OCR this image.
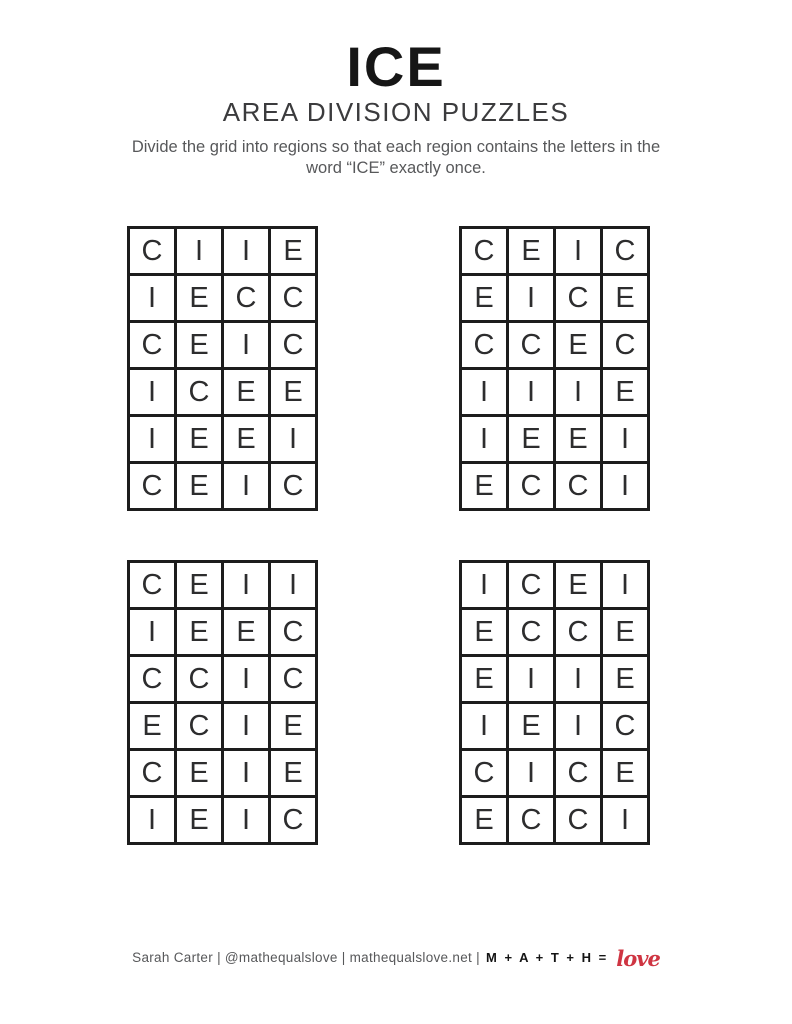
ICE
AREA DIVISION PUZZLES

Divide the grid into regions so that each region contains the letters in the
word “ICE” exactly once.

C	I	I	E
I	E C C
C E	I	C
I	C E E
I	E E	I
C E	I	C
C E	I	C
E	I	C E
C C E C
I	I	I	E
I	E E	I
E C C	I
C E	I	I
I	E E C
C C	I	C
E C	I	E
C E	I	E
I	E	I	C
I	C E	I
E C C E
E	I	I	E
I	E	I	C
C	I	C E
E C C	I
Sarah Carter | @mathequalslove | mathequalslove.net | M + A + T + H = love
